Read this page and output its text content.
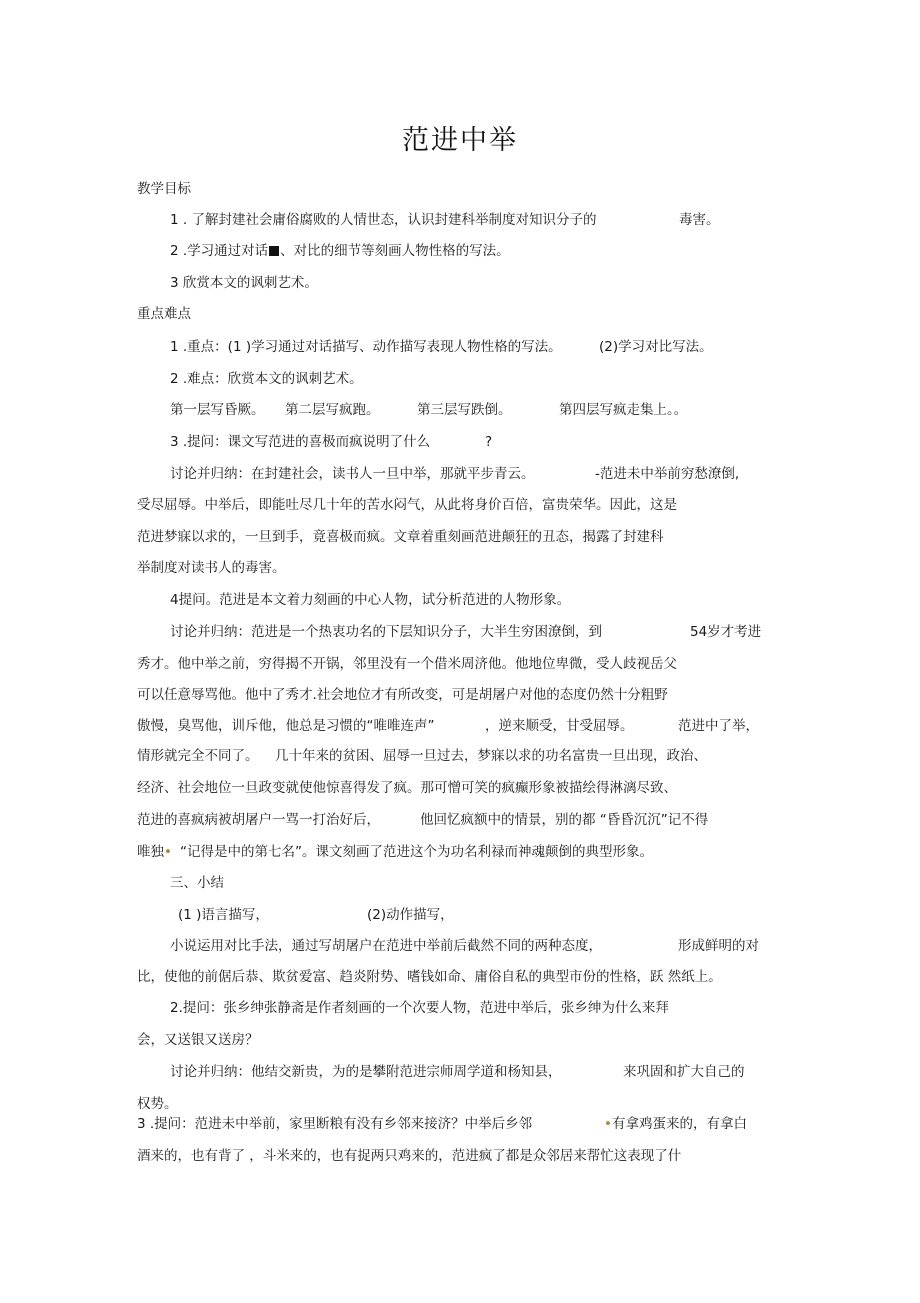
范进中举
教学目标
1 . 了解封建社会庸俗腐败的人情世态，认识封建科举制度对知识分子的	毒害。
2 .学习通过对话 、对比的细节等刻画人物性格的写法。
3 欣赏本文的讽刺艺术。
重点难点
1 .重点：(1 )学习通过对话描写、动作描写表现人物性格的写法。	(2)学习对比写法。
2 .难点：欣赏本文的讽刺艺术。
第一层写昏厥。 第二层写疯跑。	第三层写跌倒。	第四层写疯走集上。。
3 .提问：课文写范进的喜极而疯说明了什么	?
讨论并归纳：在封建社会，读书人一旦中举，那就平步青云。	-范进未中举前穷愁潦倒,
受尽屈辱。中举后，即能吐尽几十年的苦水闷气，从此将身价百倍，富贵荣华。因此，这是
范进梦寐以求的，一旦到手，竟喜极而疯。文章着重刻画范进颠狂的丑态，揭露了封建科
举制度对读书人的毒害。
4提问。范进是本文着力刻画的中心人物，试分析范进的人物形象。
讨论并归纳：范进是一个热衷功名的下层知识分子，大半生穷困潦倒，到	54岁才考进
秀才。他中举之前，穷得揭不开锅，邻里没有一个借米周济他。他地位卑微，受人歧视岳父
可以任意辱骂他。他中了秀才.社会地位才有所改变，可是胡屠户对他的态度仍然十分粗野
傲慢，臭骂他，训斥他，他总是习惯的“唯唯连声”	，逆来顺受，甘受屈辱。	范进中了举，
情形就完全不同了。 几十年来的贫困、屈辱一旦过去，梦寐以求的功名富贵一旦出现，政治、
经济、社会地位一旦政变就使他惊喜得发了疯。那可憎可笑的疯癫形象被描绘得淋漓尽致、
范进的喜疯病被胡屠户一骂一打治好后，	他回忆疯额中的情景，别的都 “昏昏沉沉”记不得
唯独• “记得是中的第七名”。课文刻画了范进这个为功名利禄而神魂颠倒的典型形象。
三、小结
(1 )语言描写，	(2)动作描写，
小说运用对比手法，通过写胡屠户在范进中举前后截然不同的两种态度，	形成鲜明的对
比，使他的前倨后恭、欺贫爱富、趋炎附势、嗜钱如命、庸俗自私的典型市份的性格，跃 然纸上。
2.提问：张乡绅张静斋是作者刻画的一个次要人物，范进中举后，张乡绅为什么来拜
会，又送银又送房？
讨论并归纳：他结交新贵，为的是攀附范进宗师周学道和杨知县，	来巩固和扩大自己的
权势。
3 .提问：范进未中举前，家里断粮有没有乡邻来接济？中举后乡邻	•有拿鸡蛋来的，有拿白
酒来的，也有背了 ，斗米来的，也有捉两只鸡来的，范进疯了都是众邻居来帮忙这表现了什
